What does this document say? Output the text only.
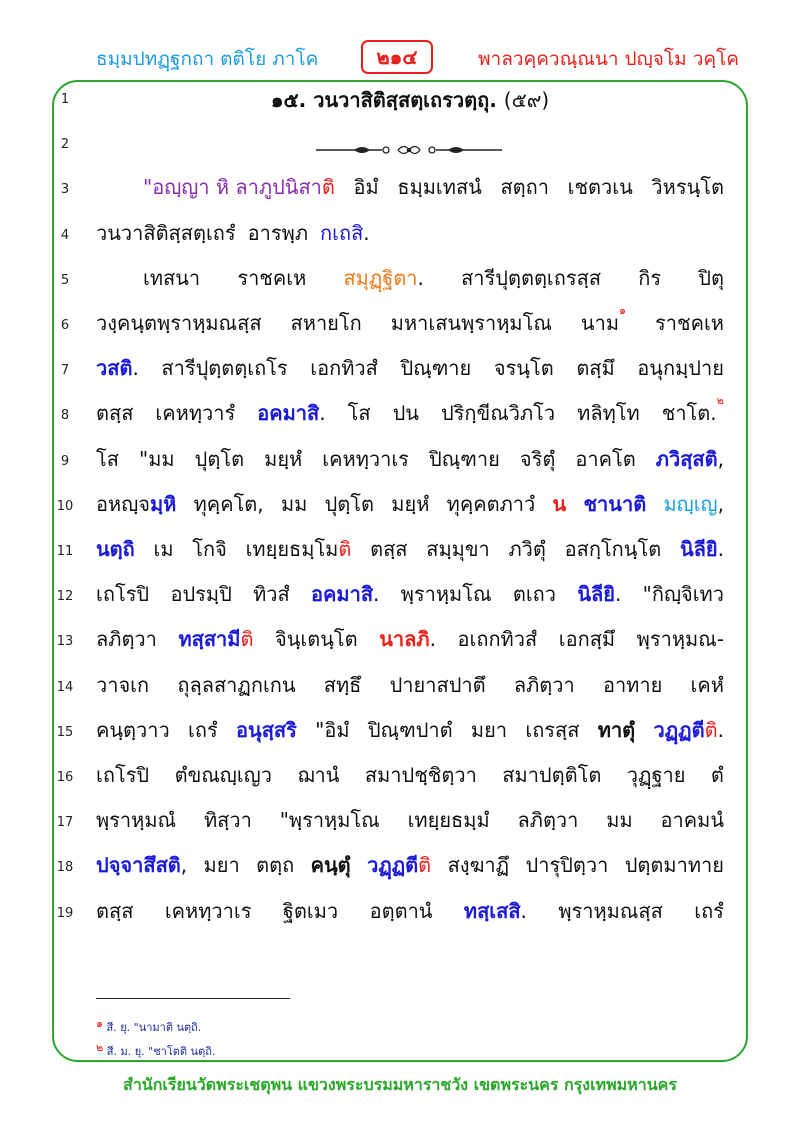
ธมฺมปทฏฺฐกถา ตติโย ภาโค	๒๑๔	พาลวคฺควณฺณนา ปญฺจโม วคฺโค
1
2
3
4
5
6
7
8
9
10
11
12
13
14
15
16
17
18
19
๑๕. วนวาสิติสฺสตฺเถรวตฺถุ. (๕๙)
"อญฺญา หิ ลาภูปนิสาติ อิมํ ธมฺมเทสนํ สตฺถา เชตวเน วิหรนฺโต
วนวาสิติสฺสตฺเถรํ อารพฺภ กเถสิ.
เทสนา ราชคเห สมุฏฺฐิตา. สารีปุตฺตตฺเถรสฺส กิร ปิตุ
วงฺคนฺตพฺราหฺมณสฺส สหายโก มหาเสนพฺราหฺมโณ นาม$^๑$
ราชคเห
วสติ. สารีปุตฺตตฺเถโร เอกทิวสํ ปิณฺฑาย จรนฺโต ตสฺมึ อนุกมฺปาย
ตสฺส เคหทฺวารํ อคมาสิ. โส ปน ปริกฺขีณวิภโว ทลิทฺโท ชาโต.$^๒$
โส "มม ปุตฺโต มยฺหํ เคหทฺวาเร ปิณฺฑาย จริตุํ อาคโต ภวิสฺสติ,
อหญฺจมฺหิ ทุคฺคโต, มม ปุตฺโต มยฺหํ ทุคฺคตภาวํ น ชานาติ มญฺเญ,
นตฺถิ เม โกจิ เทยฺยธมฺโมติ ตสฺส สมฺมุขา ภวิตุํ อสกฺโกนฺโต นิลียิ.
เถโรปิ อปรมฺปิ ทิวสํ อคมาสิ. พฺราหฺมโณ ตเถว นิลียิ. "กิญฺจิเทว
ลภิตฺวา ทสฺสามีติ จินฺเตนฺโต นาลภิ. อเถกทิวสํ เอกสฺมึ พฺราหฺมณ-
วาจเก ถุลฺลสาฏกเกน สทฺธึ ปายาสปาตึ ลภิตฺวา อาทาย เคหํ
คนฺตฺวาว เถรํ อนุสฺสริ "อิมํ ปิณฺฑปาตํ มยา เถรสฺส ทาตุํ วฏฺฏตีติ.
เถโรปิ ตํขณญฺเญว ฌานํ สมาปชฺชิตฺวา สมาปตฺติโต วุฏฺฐาย ตํ
พฺราหฺมณํ ทิสฺวา "พฺราหฺมโณ เทยฺยธมฺมํ ลภิตฺวา มม อาคมนํ
ปจฺจาสึสติ, มยา ตตฺถ คนฺตุํ วฏฺฏตีติ สงฺฆาฏึ ปารุปิตฺวา ปตฺตมาทาย
ตสฺส เคหทฺวาเร ฐิตเมว อตฺตานํ ทสฺเสสิ. พฺราหฺมณสฺส เถรํ
$^๑$ สี. ยุ. "นามาติ นตฺถิ.
$^๒$ สี. ม. ยุ. "ชาโตติ นตฺถิ.
สำนักเรียนวัดพระเชตุพน แขวงพระบรมมหาราชวัง เขตพระนคร กรุงเทพมหานคร
